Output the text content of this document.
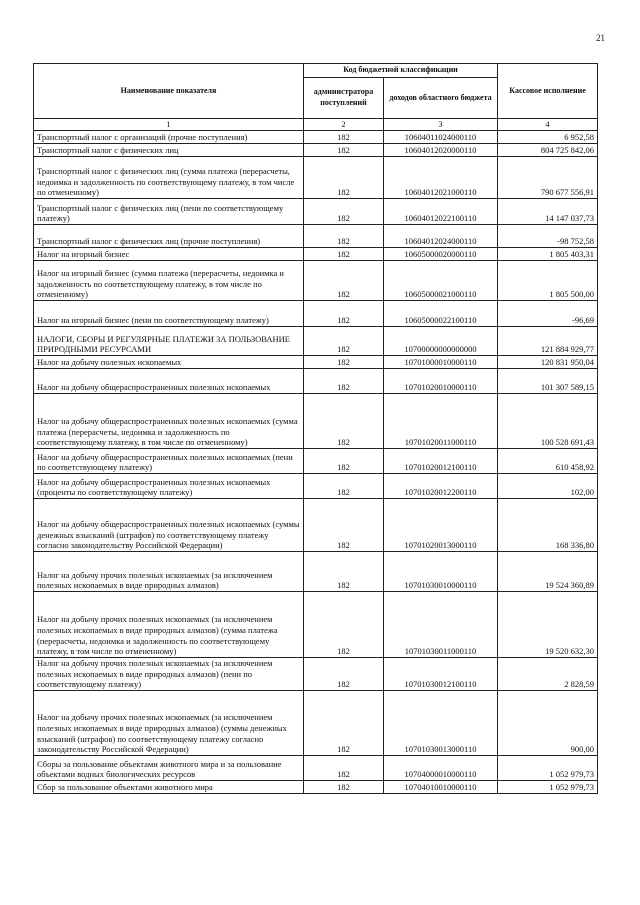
21
Наименование показателя	Код бюджетной классификации		Кассовое исполнение
	администратора поступлений	доходов областного бюджета	
1	2	3	4
Транспортный налог с организаций (прочие поступления)	182	10604011024000110	6 952,58
Транспортный налог с физических лиц	182	10604012020000110	804 725 842,06
Транспортный налог с физических лиц (сумма платежа (перерасчеты, недоимка и задолженность по соответствующему платежу, в том числе по отмененному)	182	10604012021000110	790 677 556,91
Транспортный налог с физических лиц (пени по соответствующему платежу)	182	10604012022100110	14 147 037,73
Транспортный налог с физических лиц (прочие поступления)	182	10604012024000110	-98 752,58
Налог на игорный бизнес	182	10605000020000110	1 805 403,31
Налог на игорный бизнес (сумма платежа (перерасчеты, недоимка и задолженность по соответствующему платежу, в том числе по отмененному)	182	10605000021000110	1 805 500,00
Налог на игорный бизнес (пени по соответствующему платежу)	182	10605000022100110	-96,69
НАЛОГИ, СБОРЫ И РЕГУЛЯРНЫЕ ПЛАТЕЖИ ЗА ПОЛЬЗОВАНИЕ ПРИРОДНЫМИ РЕСУРСАМИ	182	10700000000000000	121 884 929,77
Налог на добычу полезных ископаемых	182	10701000010000110	120 831 950,04
Налог на добычу общераспространенных полезных ископаемых	182	10701020010000110	101 307 589,15
Налог на добычу общераспространенных полезных ископаемых (сумма платежа (перерасчеты, недоимка и задолженность по соответствующему платежу, в том числе по отмененному)	182	10701020011000110	100 528 691,43
Налог на добычу общераспространенных полезных ископаемых (пени по соответствующему платежу)	182	10701020012100110	610 458,92
Налог на добычу общераспространенных полезных ископаемых (проценты по соответствующему платежу)	182	10701020012200110	102,00
Налог на добычу общераспространенных полезных ископаемых (суммы денежных взысканий (штрафов) по соответствующему платежу согласно законодательству Российской Федерации)	182	10701020013000110	168 336,80
Налог на добычу прочих полезных ископаемых (за исключением полезных ископаемых в виде природных алмазов)	182	10701030010000110	19 524 360,89
Налог на добычу прочих полезных ископаемых (за исключением полезных ископаемых в виде природных алмазов) (сумма платежа (перерасчеты, недоимка и задолженность по соответствующему платежу, в том числе по отмененному)	182	10701030011000110	19 520 632,30
Налог на добычу прочих полезных ископаемых (за исключением полезных ископаемых в виде природных алмазов) (пени по соответствующему платежу)	182	10701030012100110	2 828,59
Налог на добычу прочих полезных ископаемых (за исключением полезных ископаемых в виде природных алмазов) (суммы денежных взысканий (штрафов) по соответствующему платежу согласно законодательству Российской Федерации)	182	10701030013000110	900,00
Сборы за пользование объектами животного мира и за пользование объектами водных биологических ресурсов	182	10704000010000110	1 052 979,73
Сбор за пользование объектами животного мира	182	10704010010000110	1 052 979,73
